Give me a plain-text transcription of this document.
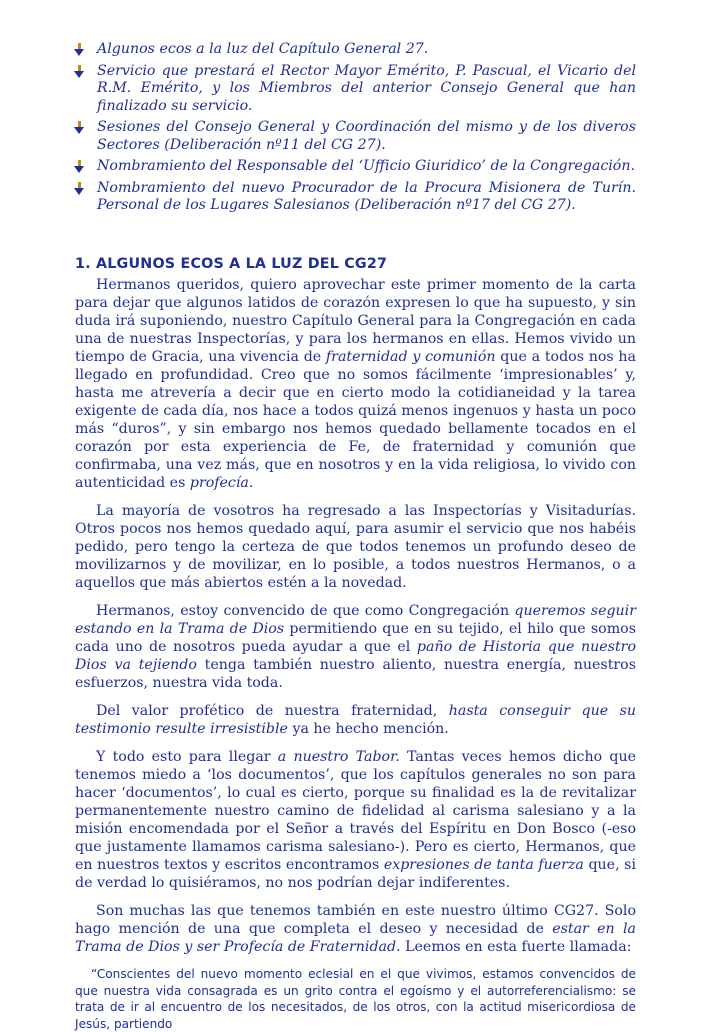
Algunos ecos a la luz del Capítulo General 27.
Servicio que prestará el Rector Mayor Emérito, P. Pascual, el Vicario del R.M. Emérito, y los Miembros del anterior Consejo General que han finalizado su servicio.
Sesiones del Consejo General y Coordinación del mismo y de los diveros Sectores (Deliberación nº11 del CG 27).
Nombramiento del Responsable del ‘Ufficio Giuridico’ de la Congregación.
Nombramiento del nuevo Procurador de la Procura Misionera de Turín. Personal de los Lugares Salesianos (Deliberación nº17 del CG 27).
1. ALGUNOS ECOS A LA LUZ DEL CG27

Hermanos queridos, quiero aprovechar este primer momento de la carta para dejar que algunos latidos de corazón expresen lo que ha supuesto, y sin duda irá suponiendo, nuestro Capítulo General para la Congregación en cada una de nuestras Inspectorías, y para los hermanos en ellas. Hemos vivido un tiempo de Gracia, una vivencia de fraternidad y comunión que a todos nos ha llegado en profundidad. Creo que no somos fácilmente ‘impresionables’ y, hasta me atrevería a decir que en cierto modo la cotidianeidad y la tarea exigente de cada día, nos hace a todos quizá menos ingenuos y hasta un poco más “duros”, y sin embargo nos hemos quedado bellamente tocados en el corazón por esta experiencia de Fe, de fraternidad y comunión que confirmaba, una vez más, que en nosotros y en la vida religiosa, lo vivido con autenticidad es profecía.

La mayoría de vosotros ha regresado a las Inspectorías y Visitadurías. Otros pocos nos hemos quedado aquí, para asumir el servicio que nos habéis pedido, pero tengo la certeza de que todos tenemos un profundo deseo de movilizarnos y de movilizar, en lo posible, a todos nuestros Hermanos, o a aquellos que más abiertos estén a la novedad.

Hermanos, estoy convencido de que como Congregación queremos seguir estando en la Trama de Dios permitiendo que en su tejido, el hilo que somos cada uno de nosotros pueda ayudar a que el paño de Historia que nuestro Dios va tejiendo tenga también nuestro aliento, nuestra energía, nuestros esfuerzos, nuestra vida toda.

Del valor profético de nuestra fraternidad, hasta conseguir que su testimonio resulte irresistible ya he hecho mención.

Y todo esto para llegar a nuestro Tabor. Tantas veces hemos dicho que tenemos miedo a ‘los documentos’, que los capítulos generales no son para hacer ‘documentos’, lo cual es cierto, porque su finalidad es la de revitalizar permanentemente nuestro camino de fidelidad al carisma salesiano y a la misión encomendada por el Señor a través del Espíritu en Don Bosco (-eso que justamente llamamos carisma salesiano-). Pero es cierto, Hermanos, que en nuestros textos y escritos encontramos expresiones de tanta fuerza que, si de verdad lo quisiéramos, no nos podrían dejar indiferentes.

Son muchas las que tenemos también en este nuestro último CG27. Solo hago mención de una que completa el deseo y necesidad de estar en la Trama de Dios y ser Profecía de Fraternidad. Leemos en esta fuerte llamada:

“Conscientes del nuevo momento eclesial en el que vivimos, estamos convencidos de que nuestra vida consagrada es un grito contra el egoísmo y el autorreferencialismo: se trata de ir al encuentro de los necesitados, de los otros, con la actitud misericordiosa de Jesús, partiendo
